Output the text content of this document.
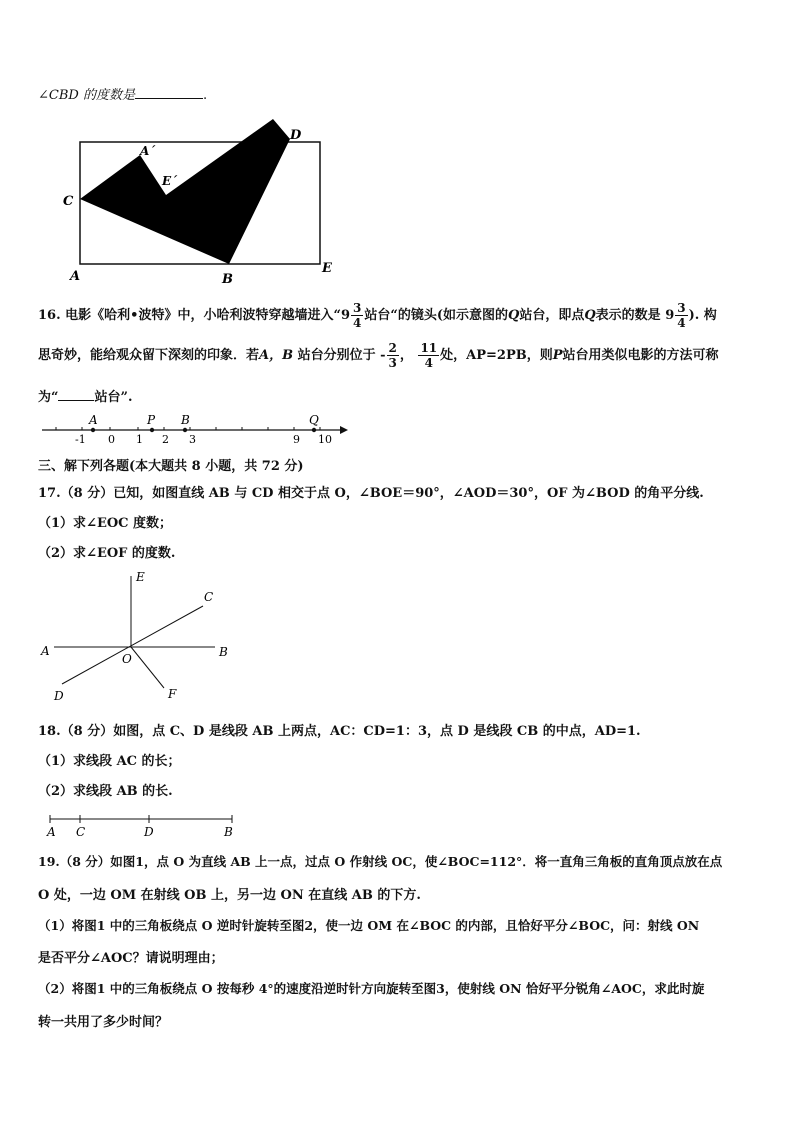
∠CBD 的度数是	.
A´
E´
C
D
A	B
E
16. 电影《哈利•波特》中，小哈利波特穿越墙进入“$9 \frac{3}{4}$ 站台“的镜头(如示意图的Q站台，即点Q表示的数是 $9 \frac{3}{4}$ ). 构
思奇妙，能给观众留下深刻的印象．若A，B 站台分别位于 - $\frac{2}{3}$ ， $\frac{11}{4}$ 处，AP=2PB，则P站台用类似电影的方法可称
为“	站台”.
A	P B	Q
-1 0 1 2 3	9 10
三、解下列各题(本大题共 8 小题，共 72 分)
17.（8 分）已知，如图直线 AB 与 CD 相交于点 O，∠BOE＝90°，∠AOD＝30°，OF 为∠BOD 的角平分线.
（1）求∠EOC 度数；
（2）求∠EOF 的度数.
E
C
A
O	B
D	F
18.（8 分）如图，点 C、D 是线段 AB 上两点，AC：CD=1：3，点 D 是线段 CB 的中点，AD=1.
（1）求线段 AC 的长；
（2）求线段 AB 的长.
A C	D	B
19.（8 分）如图1，点 O 为直线 AB 上一点，过点 O 作射线 OC，使∠BOC=112°．将一直角三角板的直角顶点放在点
O 处，一边 OM 在射线 OB 上，另一边 ON 在直线 AB 的下方.
（1）将图1 中的三角板绕点 O 逆时针旋转至图2，使一边 OM 在∠BOC 的内部，且恰好平分∠BOC，问：射线 ON
是否平分∠AOC？请说明理由；
（2）将图1 中的三角板绕点 O 按每秒 4°的速度沿逆时针方向旋转至图3，使射线 ON 恰好平分锐角∠AOC，求此时旋
转一共用了多少时间？
